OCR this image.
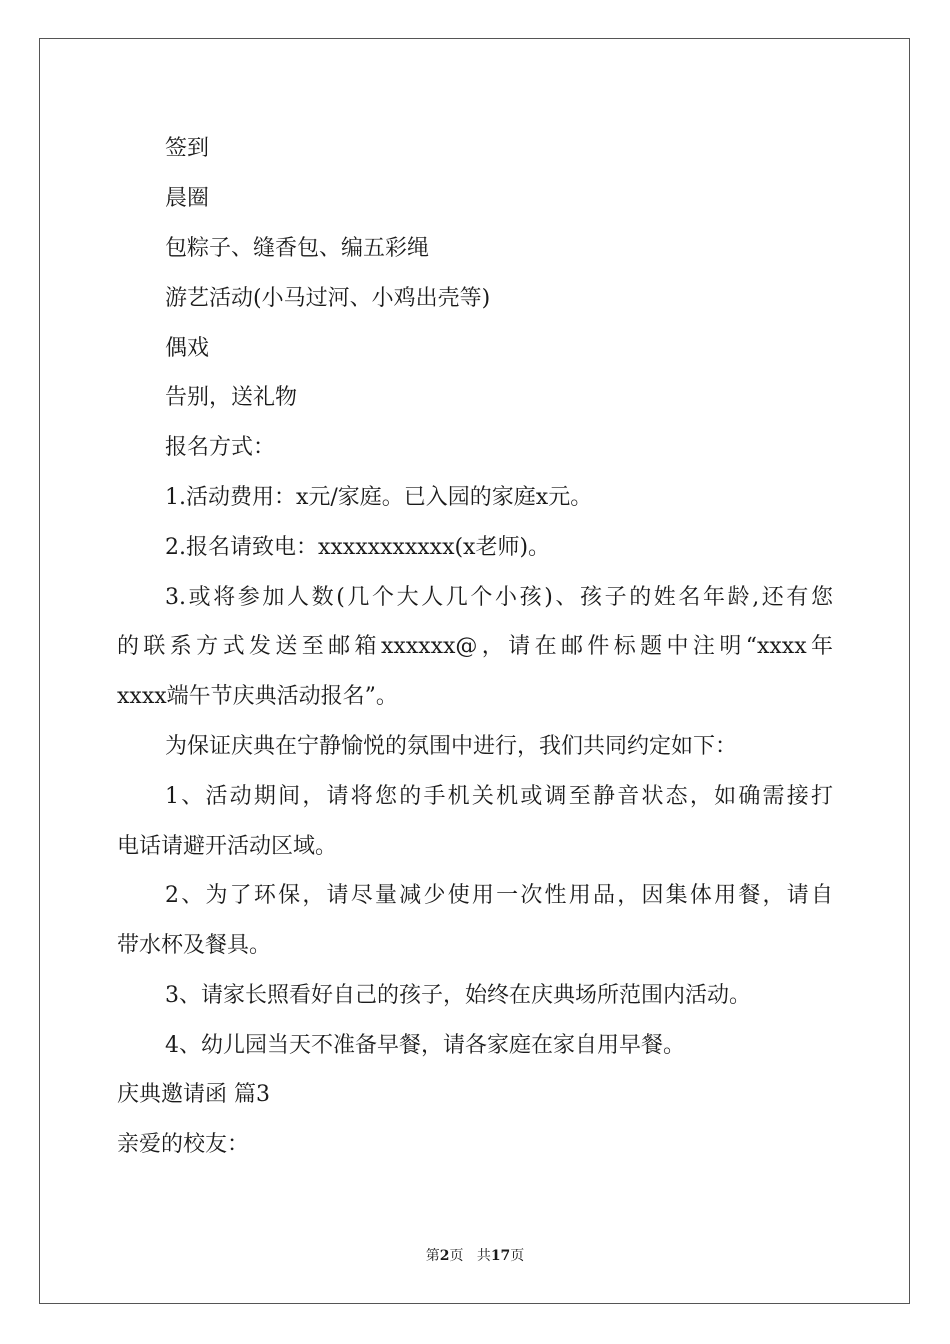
签到
晨圈
包粽子、缝香包、编五彩绳
游艺活动(小马过河、小鸡出壳等)
偶戏
告别，送礼物
报名方式：
1.活动费用：x元/家庭。已入园的家庭x元。
2.报名请致电：xxxxxxxxxxx(x老师)。
3.或将参加人数(几个大人几个小孩)、孩子的姓名年龄,还有您
的联系方式发送至邮箱xxxxxx@，请在邮件标题中注明“xxxx年
xxxx端午节庆典活动报名”。
为保证庆典在宁静愉悦的氛围中进行，我们共同约定如下：
1、活动期间，请将您的手机关机或调至静音状态，如确需接打
电话请避开活动区域。
2、为了环保，请尽量减少使用一次性用品，因集体用餐，请自
带水杯及餐具。
3、请家长照看好自己的孩子，始终在庆典场所范围内活动。
4、幼儿园当天不准备早餐，请各家庭在家自用早餐。
庆典邀请函 篇3
亲爱的校友：
第2页 共17页
